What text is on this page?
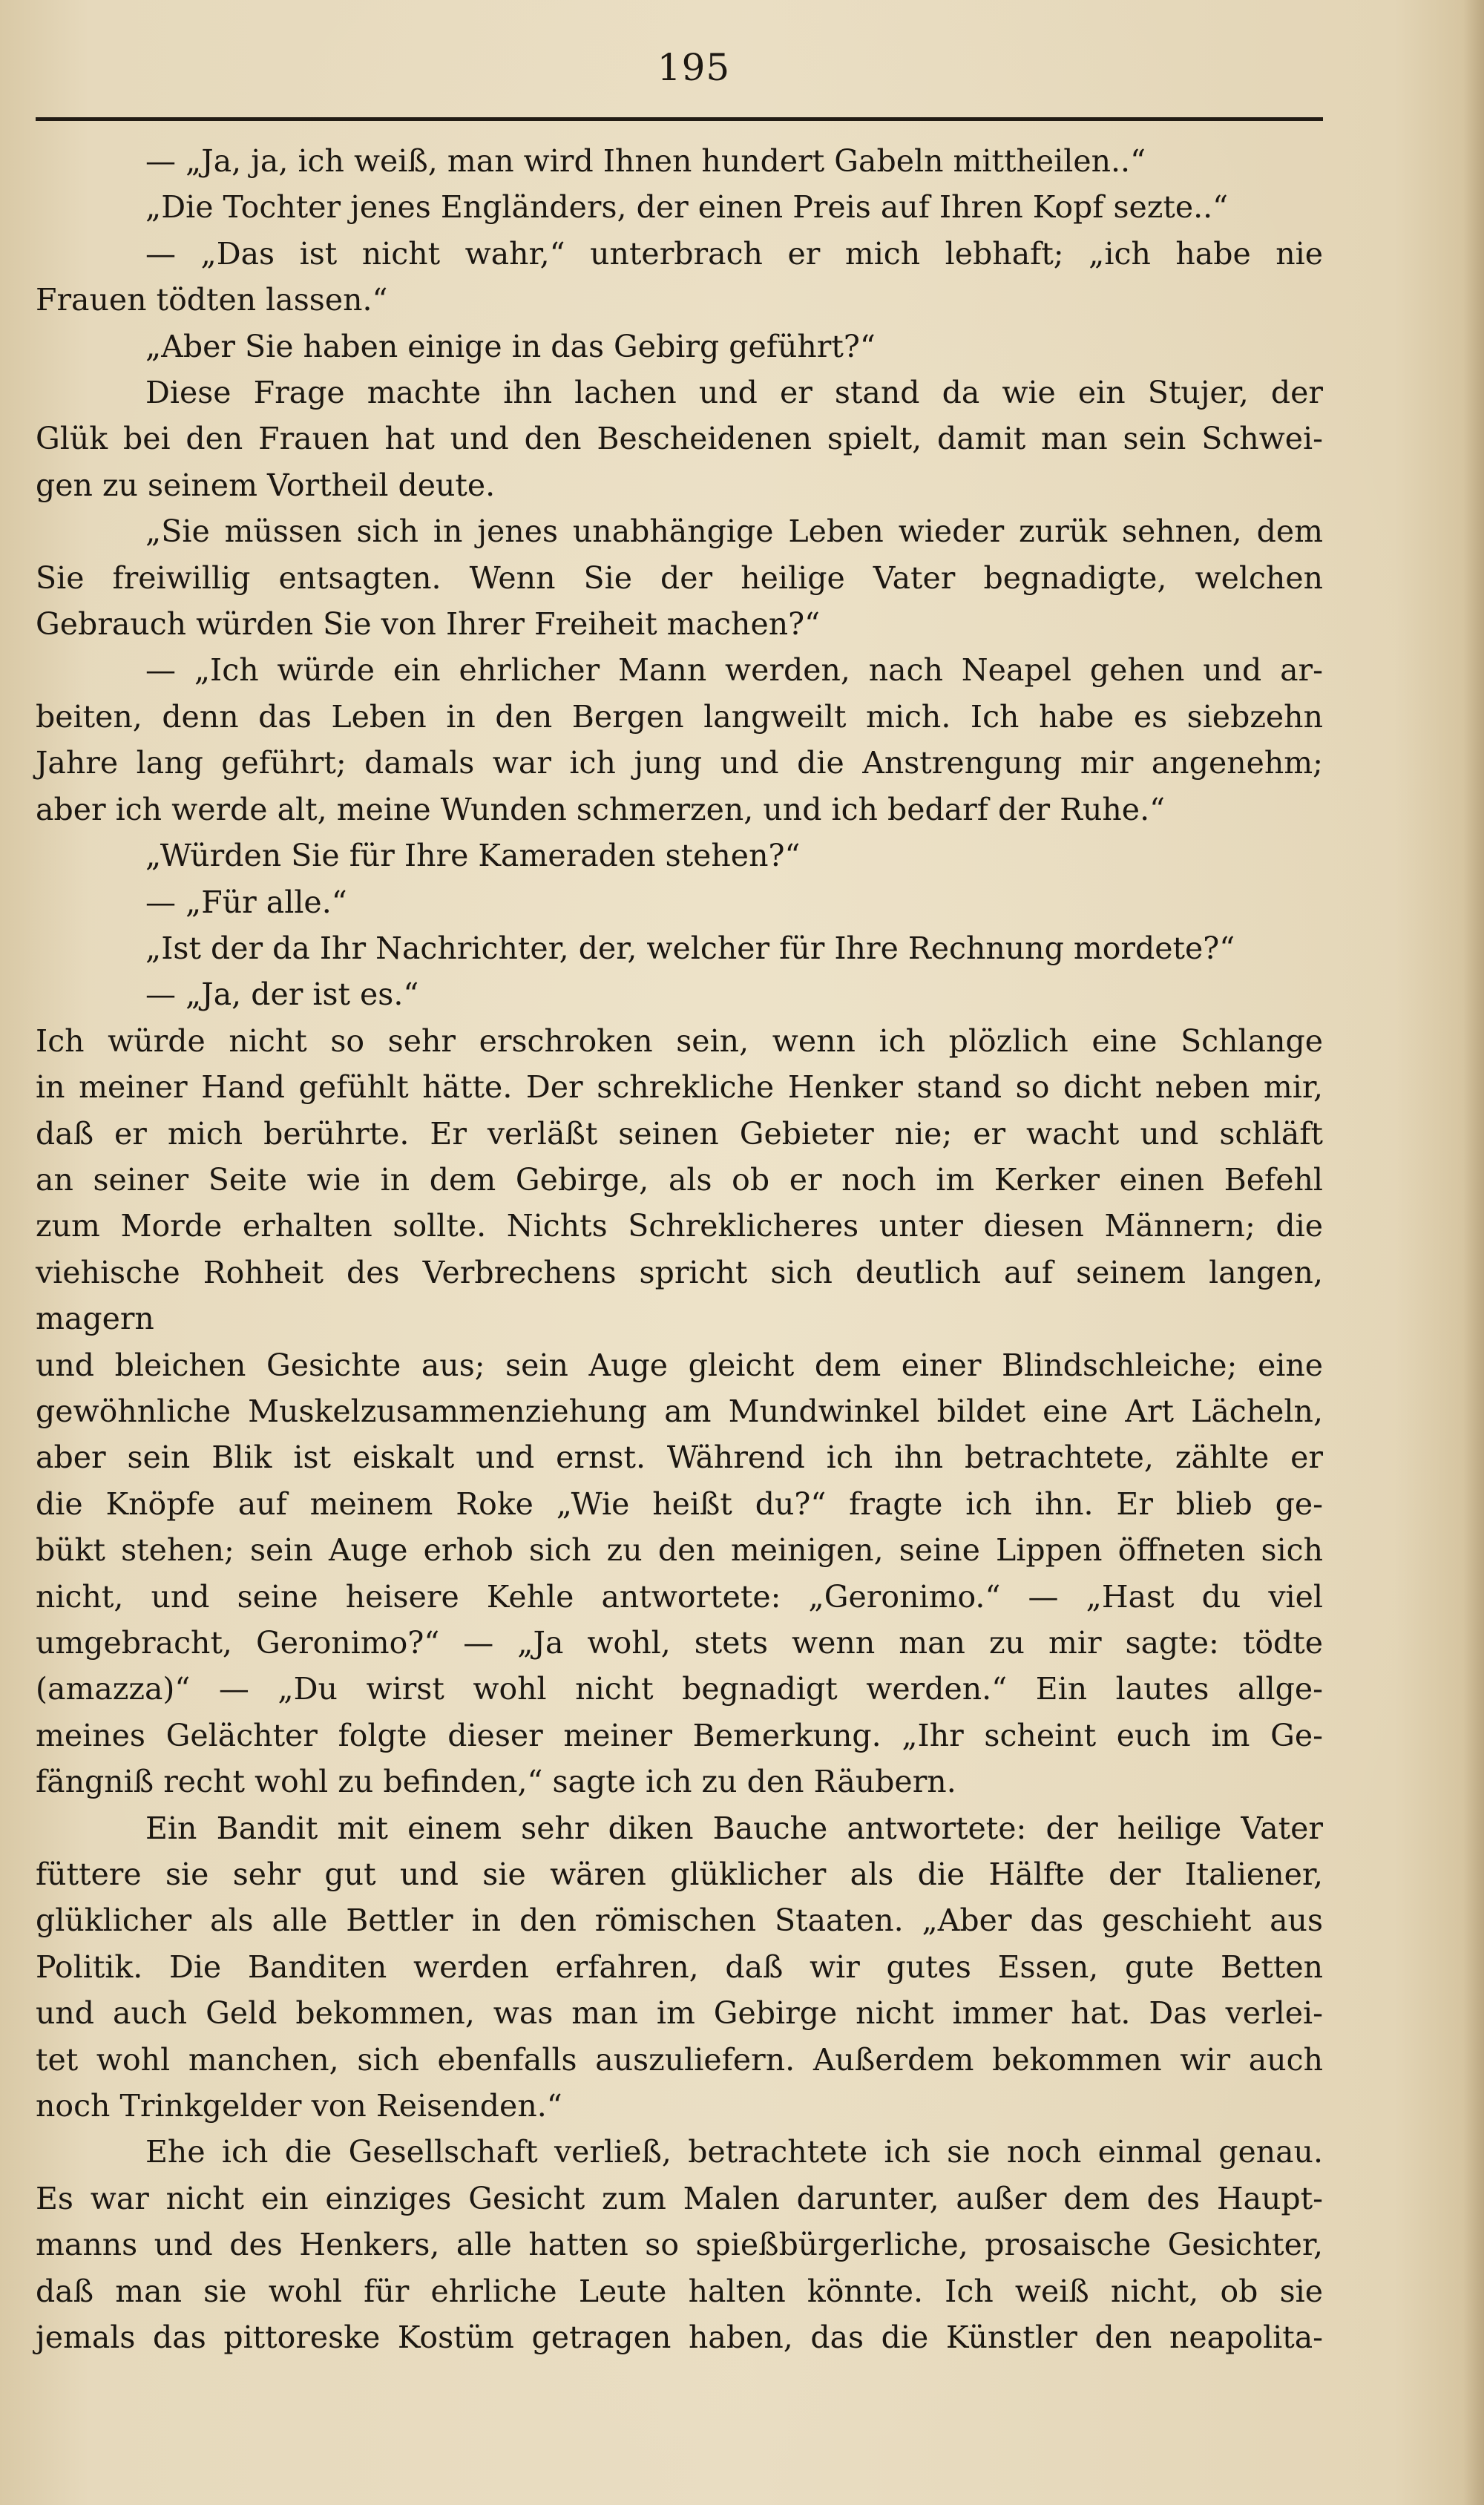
195

— „Ja, ja, ich weiß, man wird Ihnen hundert Gabeln mittheilen..“

„Die Tochter jenes Engländers, der einen Preis auf Ihren Kopf sezte..“

— „Das ist nicht wahr,“ unterbrach er mich lebhaft; „ich habe nie

Frauen tödten lassen.“

„Aber Sie haben einige in das Gebirg geführt?“

Diese Frage machte ihn lachen und er stand da wie ein Stujer, der

Glük bei den Frauen hat und den Bescheidenen spielt, damit man sein Schwei-

gen zu seinem Vortheil deute.

„Sie müssen sich in jenes unabhängige Leben wieder zurük sehnen, dem

Sie freiwillig entsagten. Wenn Sie der heilige Vater begnadigte, welchen

Gebrauch würden Sie von Ihrer Freiheit machen?“

— „Ich würde ein ehrlicher Mann werden, nach Neapel gehen und ar-

beiten, denn das Leben in den Bergen langweilt mich. Ich habe es siebzehn

Jahre lang geführt; damals war ich jung und die Anstrengung mir angenehm;

aber ich werde alt, meine Wunden schmerzen, und ich bedarf der Ruhe.“

„Würden Sie für Ihre Kameraden stehen?“

— „Für alle.“

„Ist der da Ihr Nachrichter, der, welcher für Ihre Rechnung mordete?“

— „Ja, der ist es.“

Ich würde nicht so sehr erschroken sein, wenn ich plözlich eine Schlange

in meiner Hand gefühlt hätte. Der schrekliche Henker stand so dicht neben mir,

daß er mich berührte. Er verläßt seinen Gebieter nie; er wacht und schläft

an seiner Seite wie in dem Gebirge, als ob er noch im Kerker einen Befehl

zum Morde erhalten sollte. Nichts Schreklicheres unter diesen Männern; die

viehische Rohheit des Verbrechens spricht sich deutlich auf seinem langen, magern

und bleichen Gesichte aus; sein Auge gleicht dem einer Blindschleiche; eine

gewöhnliche Muskelzusammenziehung am Mundwinkel bildet eine Art Lächeln,

aber sein Blik ist eiskalt und ernst. Während ich ihn betrachtete, zählte er

die Knöpfe auf meinem Roke „Wie heißt du?“ fragte ich ihn. Er blieb ge-

bükt stehen; sein Auge erhob sich zu den meinigen, seine Lippen öffneten sich

nicht, und seine heisere Kehle antwortete: „Geronimo.“ — „Hast du viel

umgebracht, Geronimo?“ — „Ja wohl, stets wenn man zu mir sagte: tödte

(amazza)“ — „Du wirst wohl nicht begnadigt werden.“ Ein lautes allge-

meines Gelächter folgte dieser meiner Bemerkung. „Ihr scheint euch im Ge-

fängniß recht wohl zu befinden,“ sagte ich zu den Räubern.

Ein Bandit mit einem sehr diken Bauche antwortete: der heilige Vater

füttere sie sehr gut und sie wären glüklicher als die Hälfte der Italiener,

glüklicher als alle Bettler in den römischen Staaten. „Aber das geschieht aus

Politik. Die Banditen werden erfahren, daß wir gutes Essen, gute Betten

und auch Geld bekommen, was man im Gebirge nicht immer hat. Das verlei-

tet wohl manchen, sich ebenfalls auszuliefern. Außerdem bekommen wir auch

noch Trinkgelder von Reisenden.“

Ehe ich die Gesellschaft verließ, betrachtete ich sie noch einmal genau.

Es war nicht ein einziges Gesicht zum Malen darunter, außer dem des Haupt-

manns und des Henkers, alle hatten so spießbürgerliche, prosaische Gesichter,

daß man sie wohl für ehrliche Leute halten könnte. Ich weiß nicht, ob sie

jemals das pittoreske Kostüm getragen haben, das die Künstler den neapolita-
